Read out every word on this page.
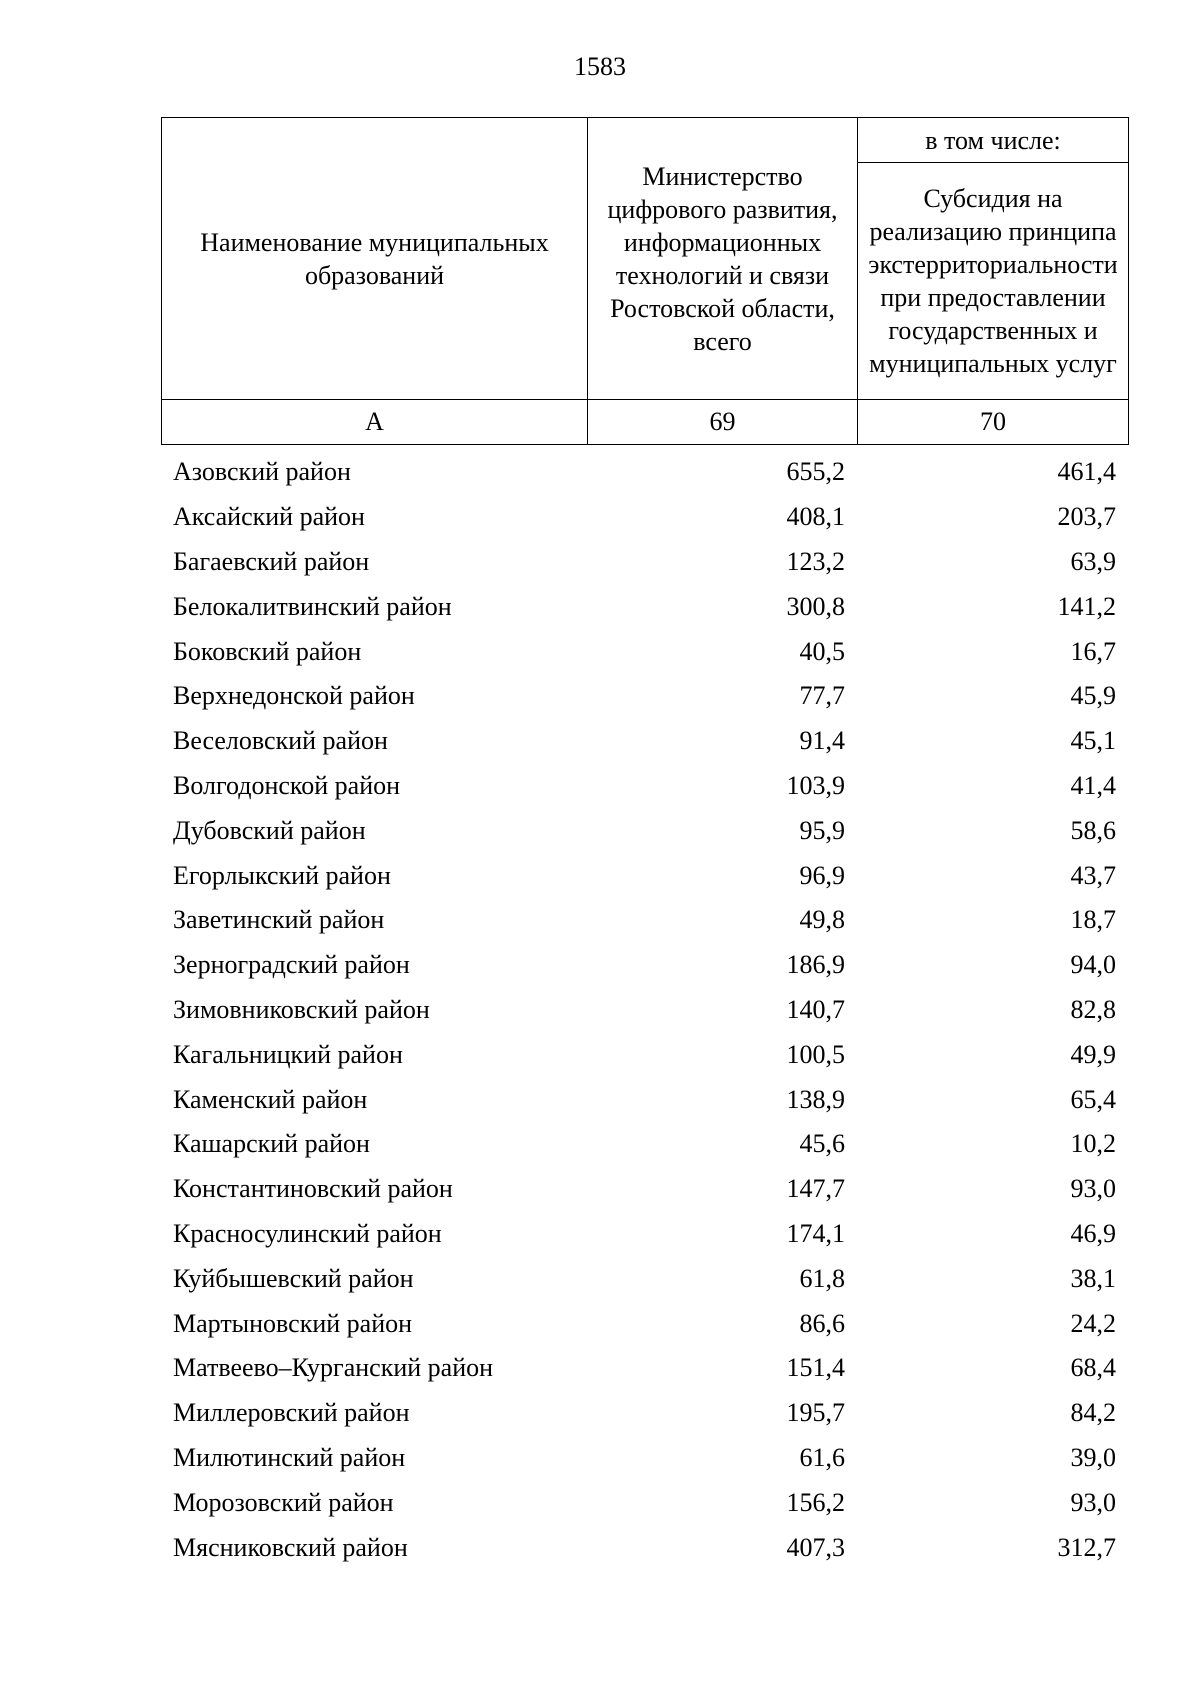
1583
Наименование муниципальных образований	Министерство цифрового развития, информационных технологий и связи Ростовской области, всего	в том числе:
		Субсидия на реализацию принципа экстерриториальности при предоставлении государственных и муниципальных услуг
А	69	70
Азовский район	655,2	461,4
Аксайский район	408,1	203,7
Багаевский район	123,2	63,9
Белокалитвинский район	300,8	141,2
Боковский район	40,5	16,7
Верхнедонской район	77,7	45,9
Веселовский район	91,4	45,1
Волгодонской район	103,9	41,4
Дубовский район	95,9	58,6
Егорлыкский район	96,9	43,7
Заветинский район	49,8	18,7
Зерноградский район	186,9	94,0
Зимовниковский район	140,7	82,8
Кагальницкий район	100,5	49,9
Каменский район	138,9	65,4
Кашарский район	45,6	10,2
Константиновский район	147,7	93,0
Красносулинский район	174,1	46,9
Куйбышевский район	61,8	38,1
Мартыновский район	86,6	24,2
Матвеево–Курганский район	151,4	68,4
Миллеровский район	195,7	84,2
Милютинский район	61,6	39,0
Морозовский район	156,2	93,0
Мясниковский район	407,3	312,7
